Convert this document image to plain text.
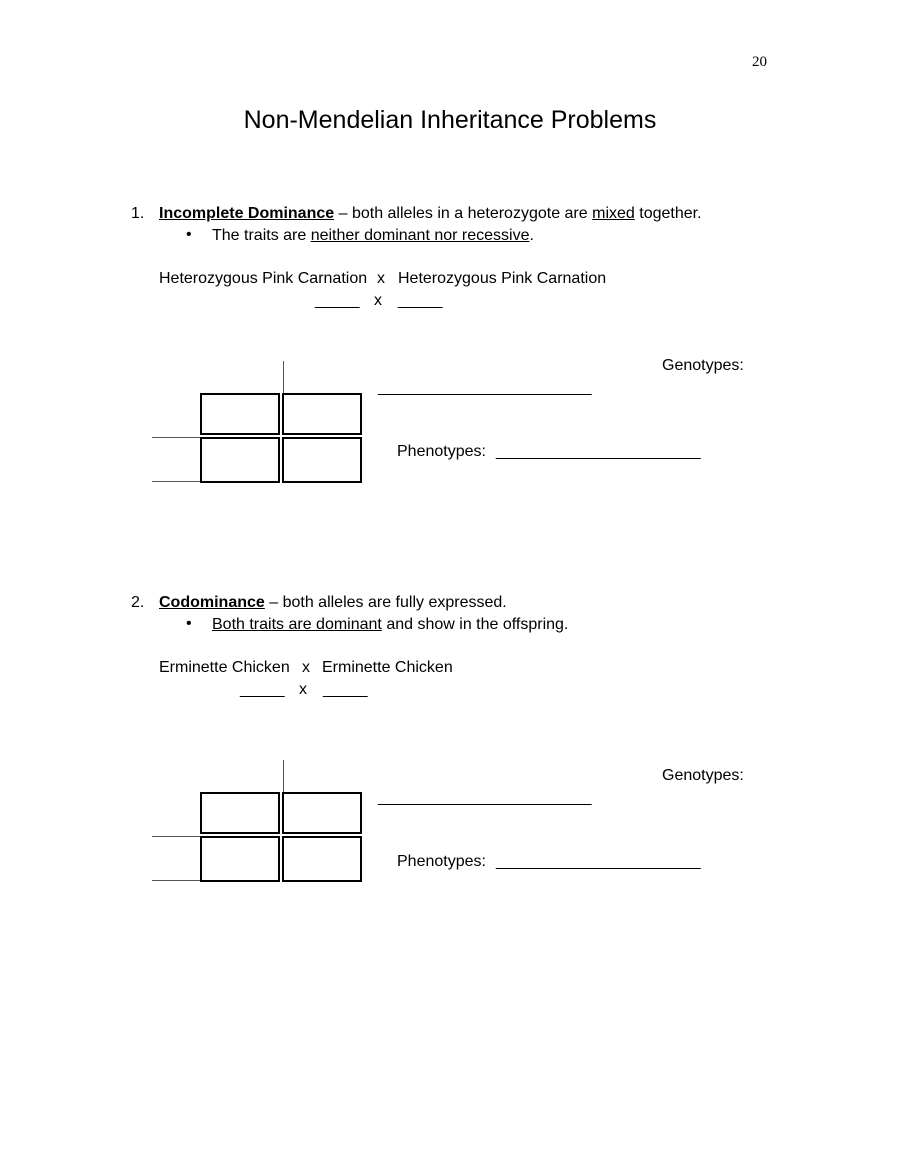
20
Non-Mendelian Inheritance Problems
1. Incomplete Dominance – both alleles in a heterozygote are mixed together.
• The traits are neither dominant nor recessive.
Heterozygous Pink Carnation x Heterozygous Pink Carnation
_____ x _____
Genotypes:
________________________
Phenotypes: _______________________
2. Codominance – both alleles are fully expressed.
• Both traits are dominant and show in the offspring.
Erminette Chicken x Erminette Chicken
_____ x _____
Genotypes:
________________________
Phenotypes: _______________________
